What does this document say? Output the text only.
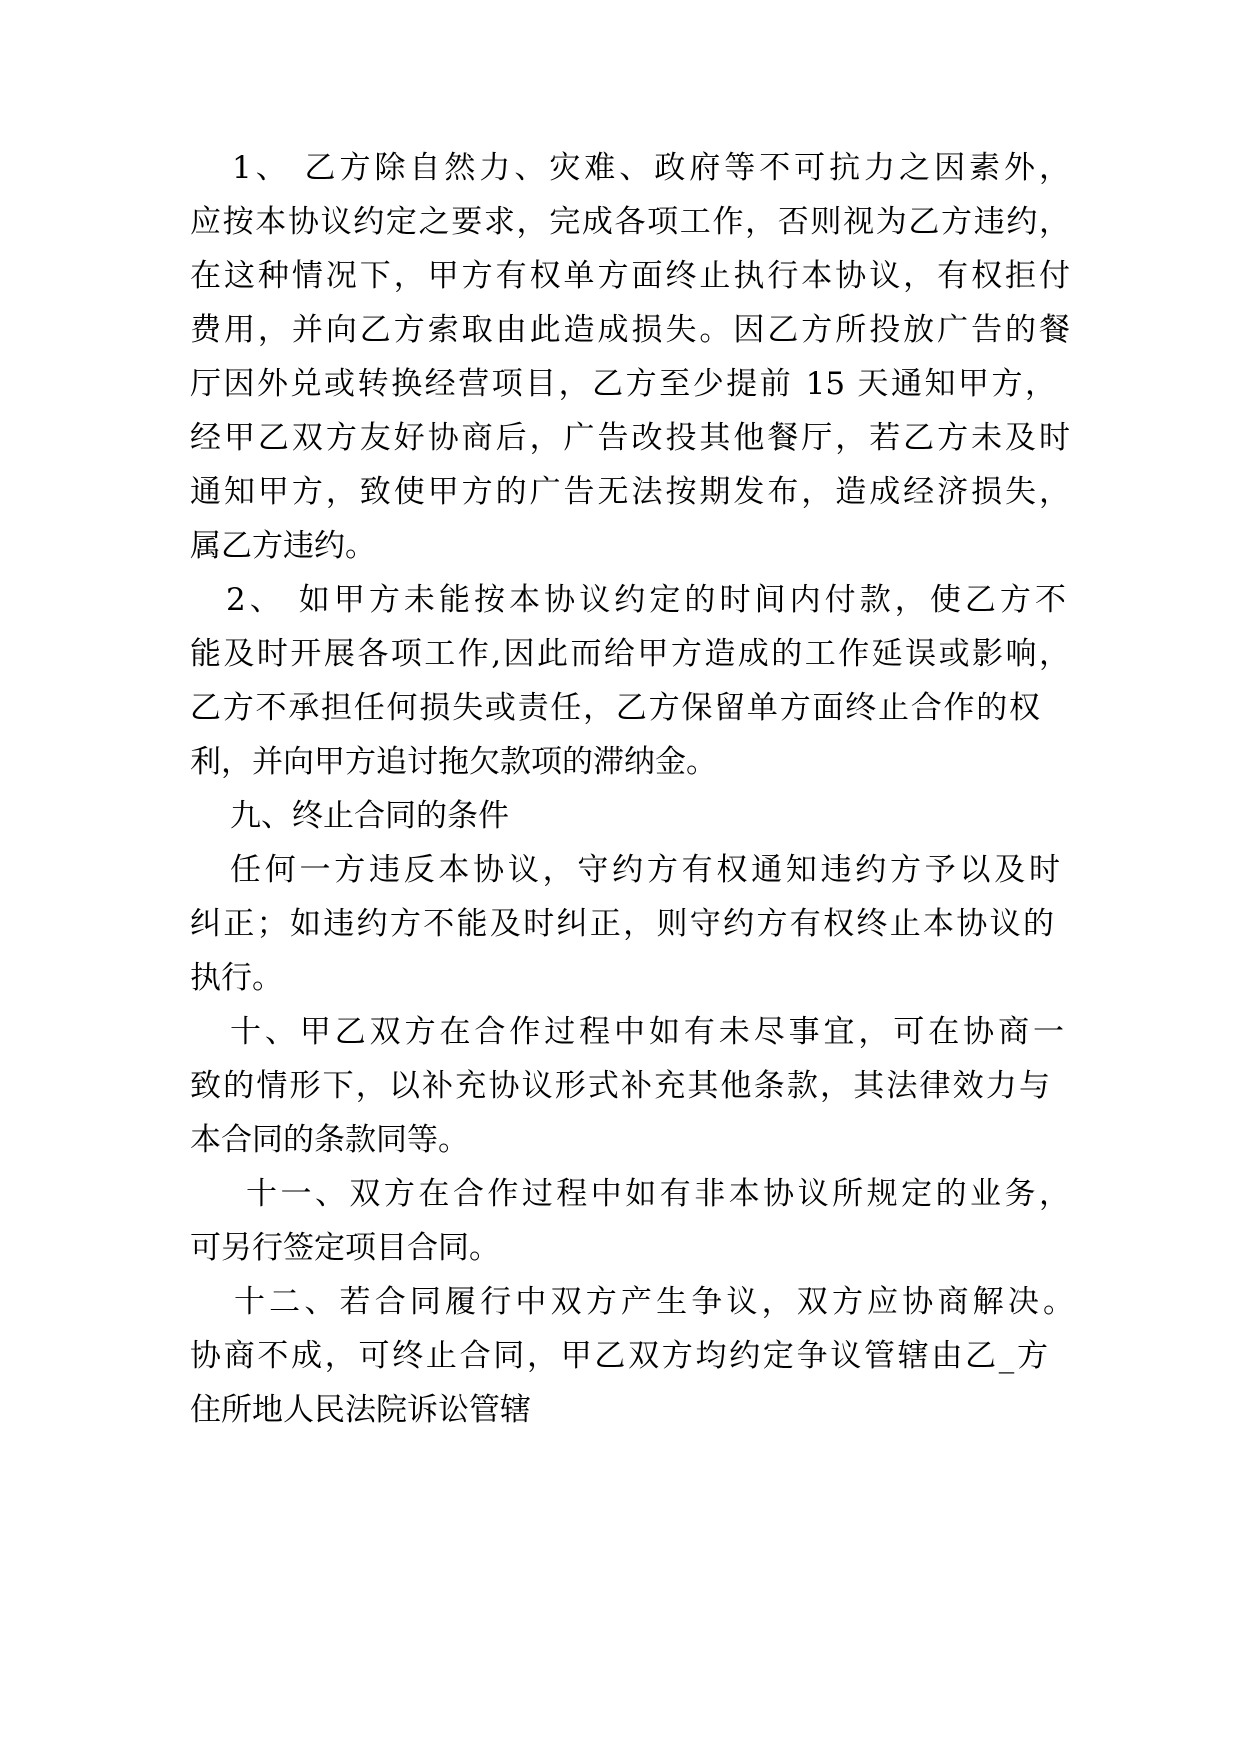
1、 乙方除自然力、灾难、政府等不可抗力之因素外，
应按本协议约定之要求，完成各项工作，否则视为乙方违约，
在这种情况下，甲方有权单方面终止执行本协议，有权拒付
费用，并向乙方索取由此造成损失。因乙方所投放广告的餐
厅因外兑或转换经营项目，乙方至少提前 15 天通知甲方，
经甲乙双方友好协商后，广告改投其他餐厅，若乙方未及时
通知甲方，致使甲方的广告无法按期发布，造成经济损失，
属乙方违约。
2、 如甲方未能按本协议约定的时间内付款，使乙方不
能及时开展各项工作,因此而给甲方造成的工作延误或影响，
乙方不承担任何损失或责任，乙方保留单方面终止合作的权
利，并向甲方追讨拖欠款项的滞纳金。
九、终止合同的条件
任何一方违反本协议，守约方有权通知违约方予以及时
纠正；如违约方不能及时纠正，则守约方有权终止本协议的
执行。
十、甲乙双方在合作过程中如有未尽事宜，可在协商一
致的情形下，以补充协议形式补充其他条款，其法律效力与
本合同的条款同等。
十一、双方在合作过程中如有非本协议所规定的业务，
可另行签定项目合同。
十二、若合同履行中双方产生争议，双方应协商解决。
协商不成，可终止合同，甲乙双方均约定争议管辖由乙_方
住所地人民法院诉讼管辖
